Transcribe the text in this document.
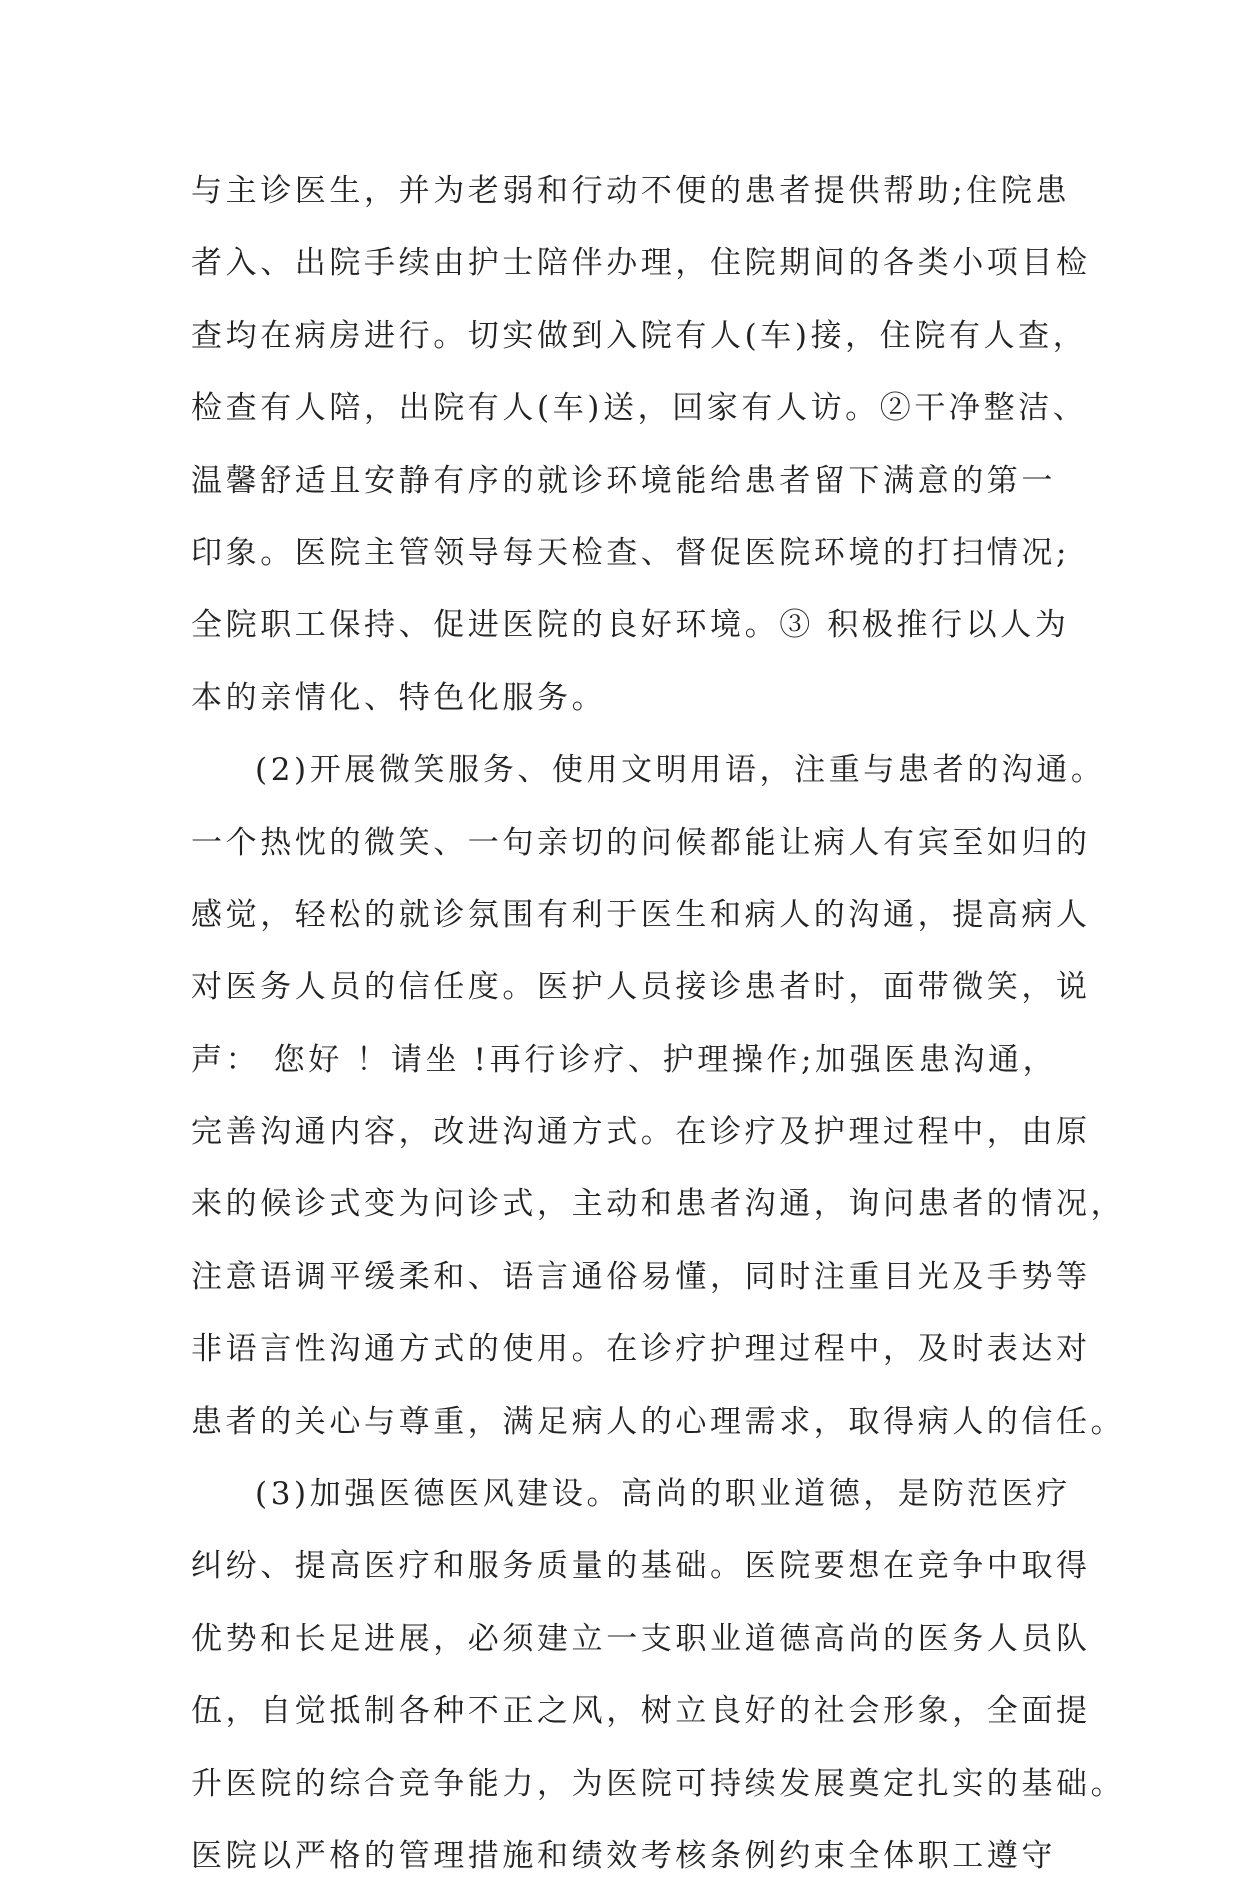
与主诊医生，并为老弱和行动不便的患者提供帮助;住院患
者入、出院手续由护士陪伴办理，住院期间的各类小项目检
查均在病房进行。切实做到入院有人(车)接，住院有人查，
检查有人陪，出院有人(车)送，回家有人访。②干净整洁、
温馨舒适且安静有序的就诊环境能给患者留下满意的第一
印象。医院主管领导每天检查、督促医院环境的打扫情况;
全院职工保持、促进医院的良好环境。③ 积极推行以人为
本的亲情化、特色化服务。
(2)开展微笑服务、使用文明用语，注重与患者的沟通。
一个热忱的微笑、一句亲切的问候都能让病人有宾至如归的
感觉，轻松的就诊氛围有利于医生和病人的沟通，提高病人
对医务人员的信任度。医护人员接诊患者时，面带微笑，说
声： 您好 ！请坐 !再行诊疗、护理操作;加强医患沟通，
完善沟通内容，改进沟通方式。在诊疗及护理过程中，由原
来的候诊式变为问诊式，主动和患者沟通，询问患者的情况，
注意语调平缓柔和、语言通俗易懂，同时注重目光及手势等
非语言性沟通方式的使用。在诊疗护理过程中，及时表达对
患者的关心与尊重，满足病人的心理需求，取得病人的信任。
(3)加强医德医风建设。高尚的职业道德，是防范医疗
纠纷、提高医疗和服务质量的基础。医院要想在竞争中取得
优势和长足进展，必须建立一支职业道德高尚的医务人员队
伍，自觉抵制各种不正之风，树立良好的社会形象，全面提
升医院的综合竞争能力，为医院可持续发展奠定扎实的基础。
医院以严格的管理措施和绩效考核条例约束全体职工遵守
